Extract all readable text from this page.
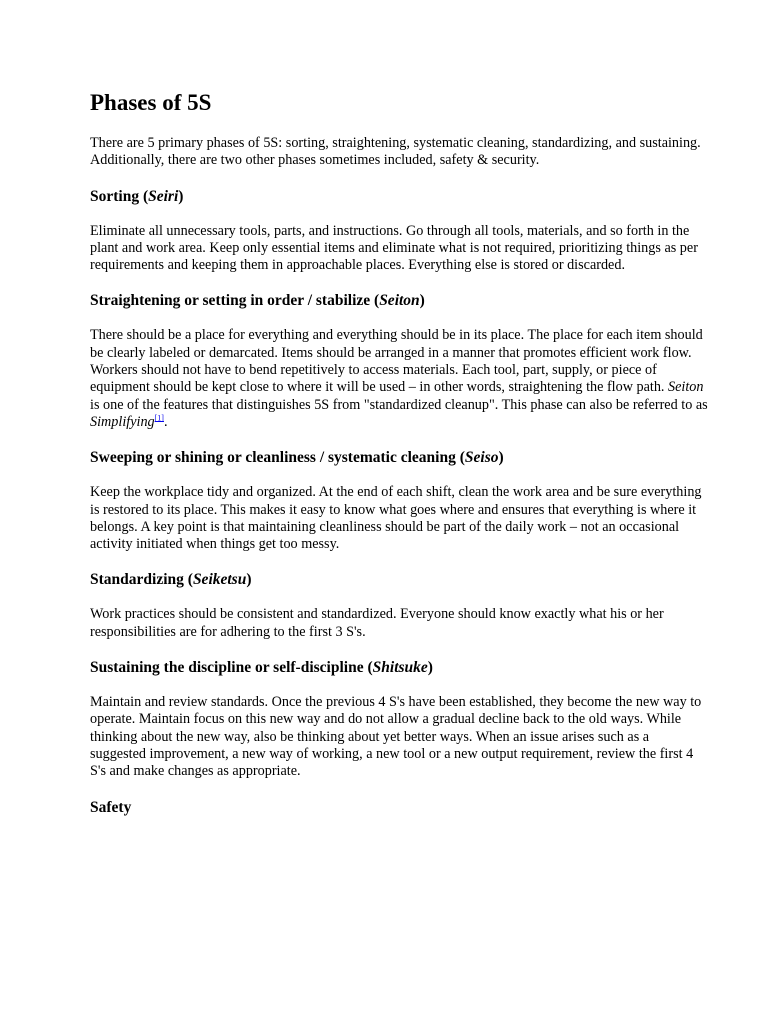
Phases of 5S

There are 5 primary phases of 5S: sorting, straightening, systematic cleaning, standardizing, and sustaining. Additionally, there are two other phases sometimes included, safety & security.

Sorting (Seiri)

Eliminate all unnecessary tools, parts, and instructions. Go through all tools, materials, and so forth in the plant and work area. Keep only essential items and eliminate what is not required, prioritizing things as per requirements and keeping them in approachable places. Everything else is stored or discarded.

Straightening or setting in order / stabilize (Seiton)

There should be a place for everything and everything should be in its place. The place for each item should be clearly labeled or demarcated. Items should be arranged in a manner that promotes efficient work flow. Workers should not have to bend repetitively to access materials. Each tool, part, supply, or piece of equipment should be kept close to where it will be used – in other words, straightening the flow path. Seiton is one of the features that distinguishes 5S from "standardized cleanup". This phase can also be referred to as Simplifying[1].

Sweeping or shining or cleanliness / systematic cleaning (Seiso)

Keep the workplace tidy and organized. At the end of each shift, clean the work area and be sure everything is restored to its place. This makes it easy to know what goes where and ensures that everything is where it belongs. A key point is that maintaining cleanliness should be part of the daily work – not an occasional activity initiated when things get too messy.

Standardizing (Seiketsu)

Work practices should be consistent and standardized. Everyone should know exactly what his or her responsibilities are for adhering to the first 3 S's.

Sustaining the discipline or self-discipline (Shitsuke)

Maintain and review standards. Once the previous 4 S's have been established, they become the new way to operate. Maintain focus on this new way and do not allow a gradual decline back to the old ways. While thinking about the new way, also be thinking about yet better ways. When an issue arises such as a suggested improvement, a new way of working, a new tool or a new output requirement, review the first 4 S's and make changes as appropriate.

Safety
